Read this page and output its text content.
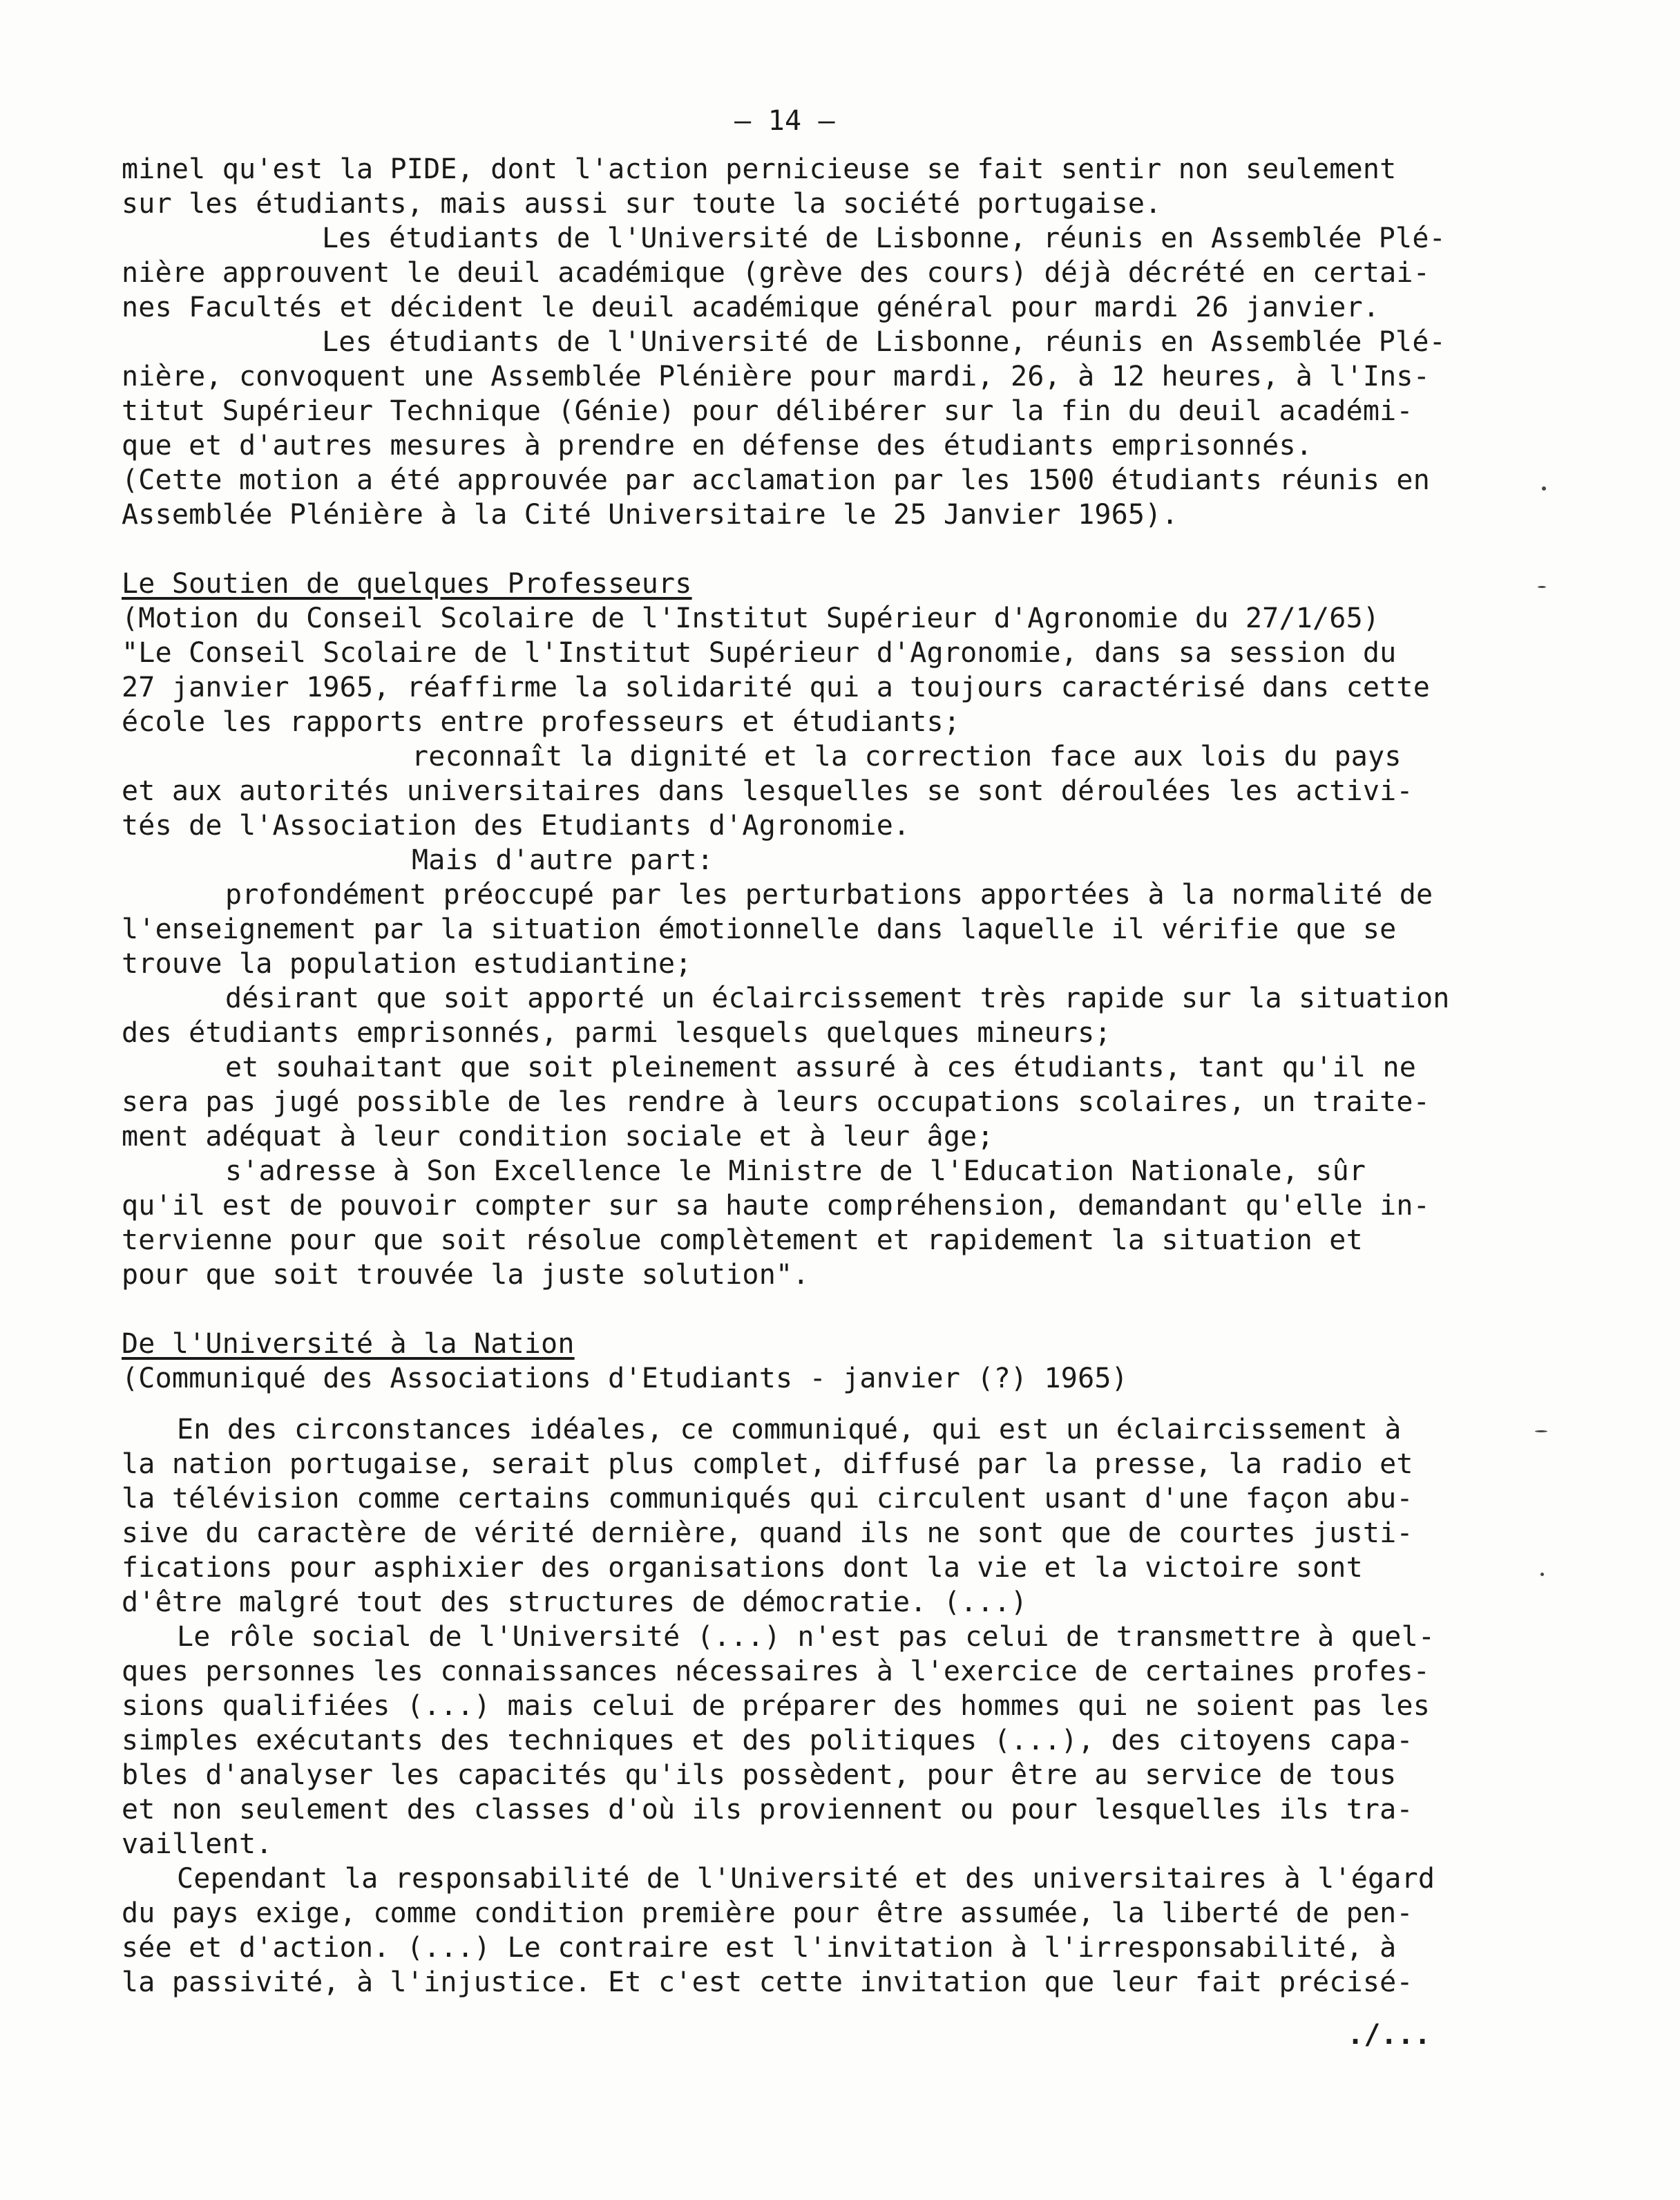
— 14 —
minel qu'est la PIDE, dont l'action pernicieuse se fait sentir non seulement
sur les étudiants, mais aussi sur toute la société portugaise.
Les étudiants de l'Université de Lisbonne, réunis en Assemblée Plé-
nière approuvent le deuil académique (grève des cours) déjà décrété en certai-
nes Facultés et décident le deuil académique général pour mardi 26 janvier.
Les étudiants de l'Université de Lisbonne, réunis en Assemblée Plé-
nière, convoquent une Assemblée Plénière pour mardi, 26, à 12 heures, à l'Ins-
titut Supérieur Technique (Génie) pour délibérer sur la fin du deuil académi-
que et d'autres mesures à prendre en défense des étudiants emprisonnés.
(Cette motion a été approuvée par acclamation par les 1500 étudiants réunis en
Assemblée Plénière à la Cité Universitaire le 25 Janvier 1965).
Le Soutien de quelques Professeurs
(Motion du Conseil Scolaire de l'Institut Supérieur d'Agronomie du 27/1/65)
"Le Conseil Scolaire de l'Institut Supérieur d'Agronomie, dans sa session du
27 janvier 1965, réaffirme la solidarité qui a toujours caractérisé dans cette
école les rapports entre professeurs et étudiants;
reconnaît la dignité et la correction face aux lois du pays
et aux autorités universitaires dans lesquelles se sont déroulées les activi-
tés de l'Association des Etudiants d'Agronomie.
Mais d'autre part:
profondément préoccupé par les perturbations apportées à la normalité de
l'enseignement par la situation émotionnelle dans laquelle il vérifie que se
trouve la population estudiantine;
désirant que soit apporté un éclaircissement très rapide sur la situation
des étudiants emprisonnés, parmi lesquels quelques mineurs;
et souhaitant que soit pleinement assuré à ces étudiants, tant qu'il ne
sera pas jugé possible de les rendre à leurs occupations scolaires, un traite-
ment adéquat à leur condition sociale et à leur âge;
s'adresse à Son Excellence le Ministre de l'Education Nationale, sûr
qu'il est de pouvoir compter sur sa haute compréhension, demandant qu'elle in-
tervienne pour que soit résolue complètement et rapidement la situation et
pour que soit trouvée la juste solution".
De l'Université à la Nation
(Communiqué des Associations d'Etudiants - janvier (?) 1965)
En des circonstances idéales, ce communiqué, qui est un éclaircissement à
la nation portugaise, serait plus complet, diffusé par la presse, la radio et
la télévision comme certains communiqués qui circulent usant d'une façon abu-
sive du caractère de vérité dernière, quand ils ne sont que de courtes justi-
fications pour asphixier des organisations dont la vie et la victoire sont
d'être malgré tout des structures de démocratie. (...)
Le rôle social de l'Université (...) n'est pas celui de transmettre à quel-
ques personnes les connaissances nécessaires à l'exercice de certaines profes-
sions qualifiées (...) mais celui de préparer des hommes qui ne soient pas les
simples exécutants des techniques et des politiques (...), des citoyens capa-
bles d'analyser les capacités qu'ils possèdent, pour être au service de tous
et non seulement des classes d'où ils proviennent ou pour lesquelles ils tra-
vaillent.
Cependant la responsabilité de l'Université et des universitaires à l'égard
du pays exige, comme condition première pour être assumée, la liberté de pen-
sée et d'action. (...) Le contraire est l'invitation à l'irresponsabilité, à
la passivité, à l'injustice. Et c'est cette invitation que leur fait précisé-
./...
